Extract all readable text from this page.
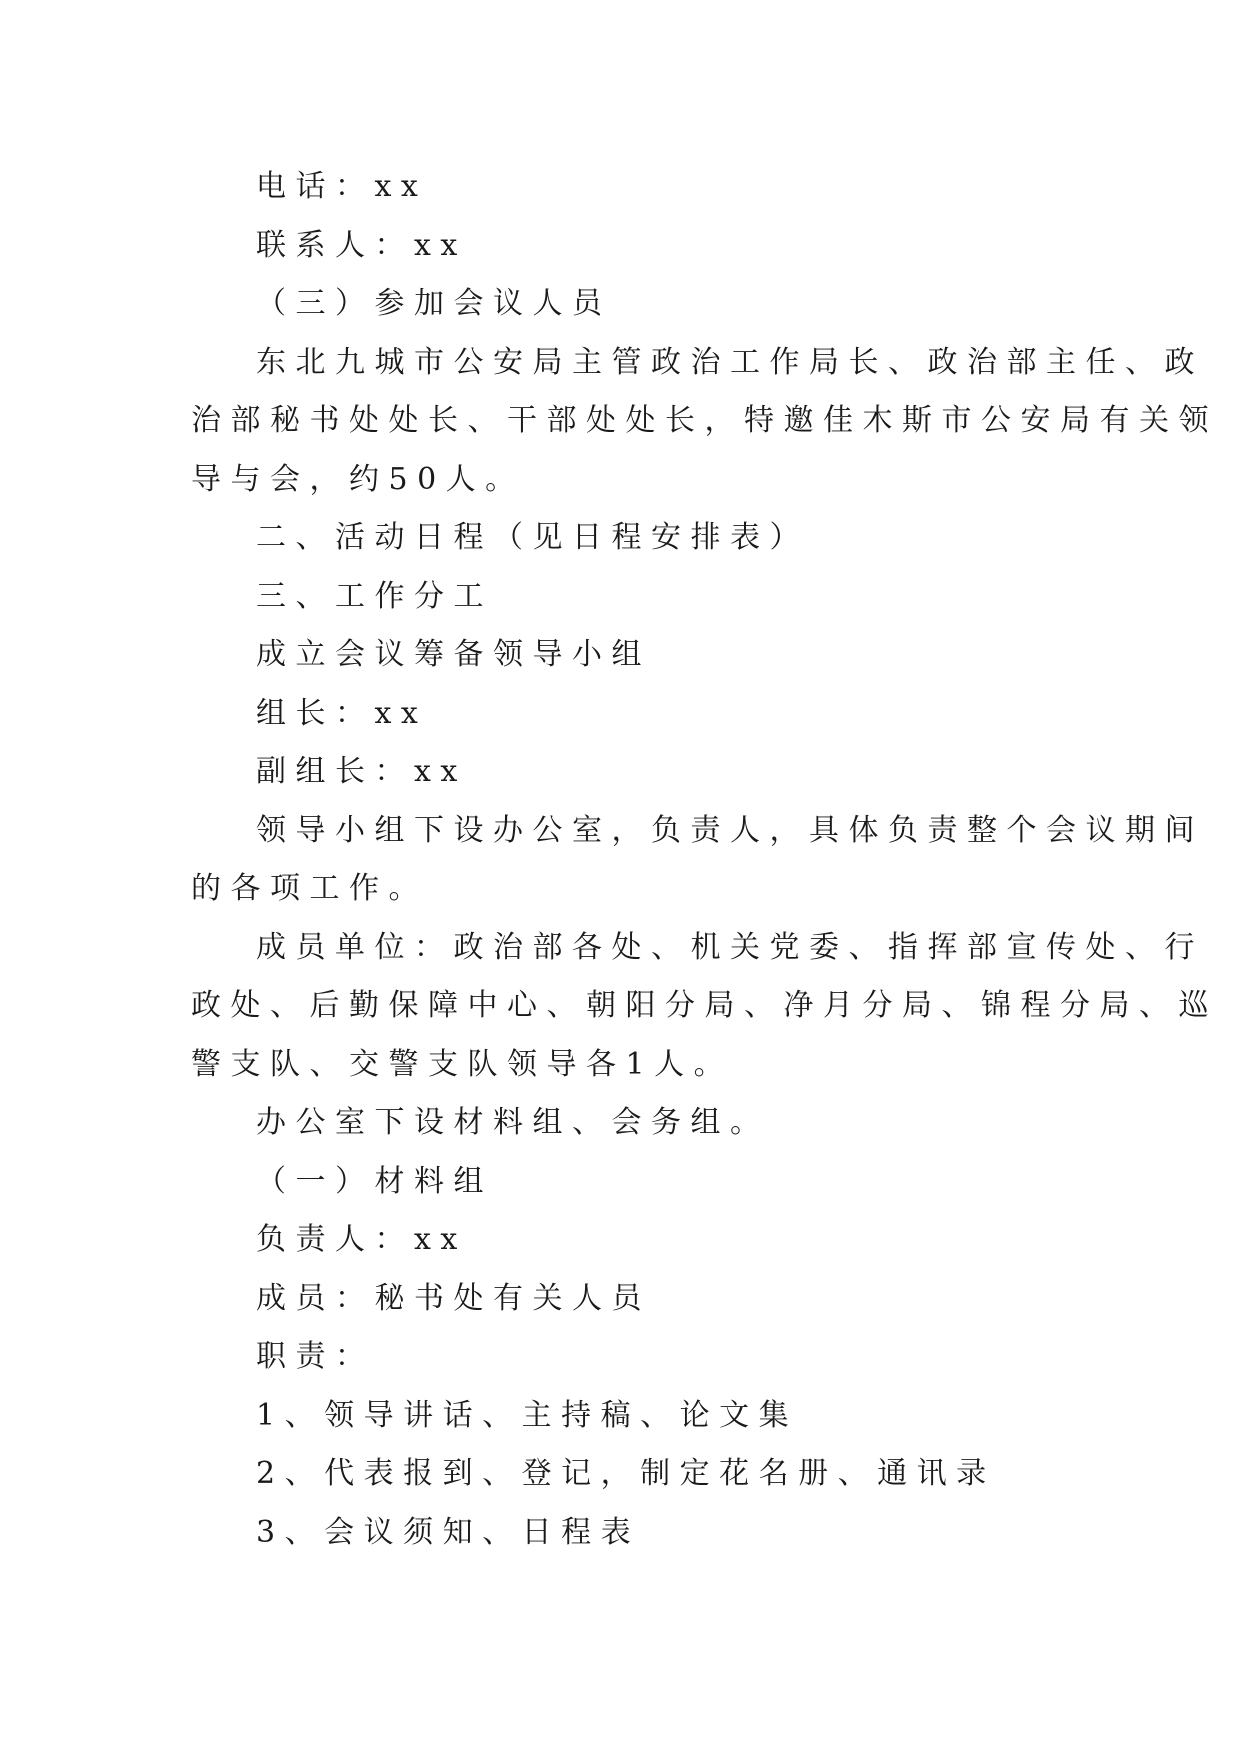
电话：xx
联系人：xx
（三）参加会议人员
东北九城市公安局主管政治工作局长、政治部主任、政
治部秘书处处长、干部处处长，特邀佳木斯市公安局有关领
导与会，约50人。
二、活动日程（见日程安排表）
三、工作分工
成立会议筹备领导小组
组长：xx
副组长：xx
领导小组下设办公室，负责人，具体负责整个会议期间
的各项工作。
成员单位：政治部各处、机关党委、指挥部宣传处、行
政处、后勤保障中心、朝阳分局、净月分局、锦程分局、巡
警支队、交警支队领导各1人。
办公室下设材料组、会务组。
（一）材料组
负责人：xx
成员：秘书处有关人员
职责：
1、领导讲话、主持稿、论文集
2、代表报到、登记，制定花名册、通讯录
3、会议须知、日程表
